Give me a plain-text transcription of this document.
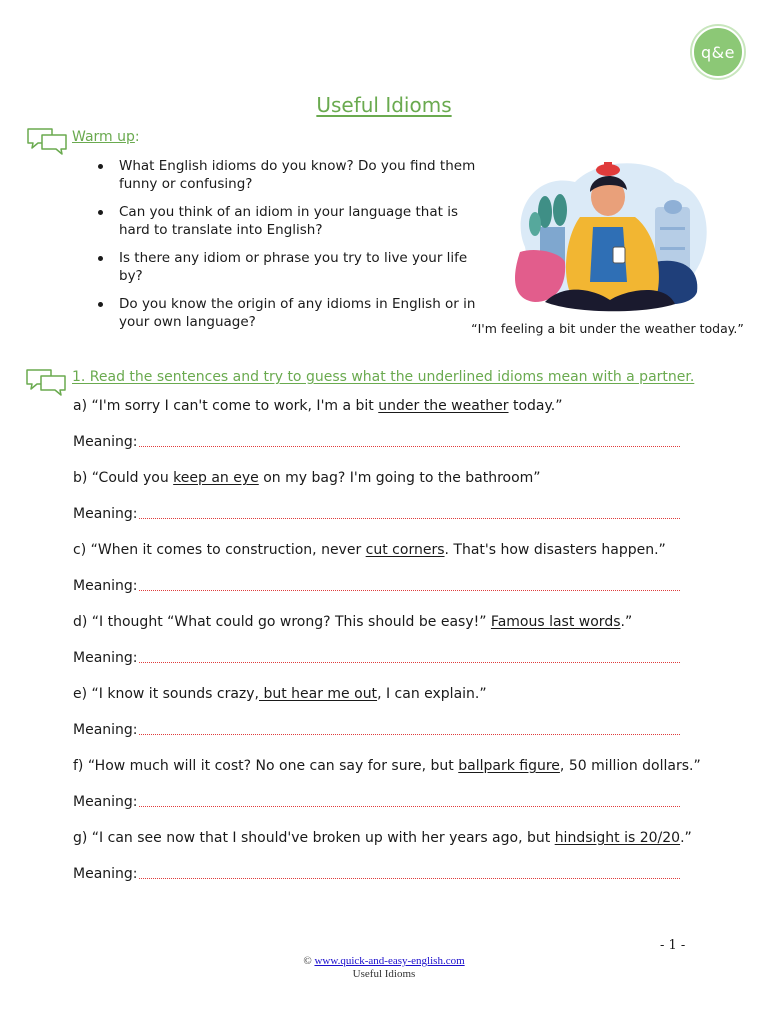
q&e
Useful Idioms
Warm up:
What English idioms do you know? Do you find them funny or confusing?
Can you think of an idiom in your language that is hard to translate into English?
Is there any idiom or phrase you try to live your life by?
Do you know the origin of any idioms in English or in your own language?	“I'm feeling a bit under the weather today.”
1. Read the sentences and try to guess what the underlined idioms mean with a partner.
a) “I'm sorry I can't come to work, I'm a bit under the weather today.”
Meaning:
b) “Could you keep an eye on my bag? I'm going to the bathroom”
Meaning:
c) “When it comes to construction, never cut corners. That's how disasters happen.”
Meaning:
d) “I thought “What could go wrong? This should be easy!” Famous last words.”
Meaning:
e) “I know it sounds crazy, but hear me out, I can explain.”
Meaning:
f) “How much will it cost? No one can say for sure, but ballpark figure, 50 million dollars.”
Meaning:
g) “I can see now that I should've broken up with her years ago, but hindsight is 20/20.”
Meaning:
- 1 -
© www.quick-and-easy-english.com
Useful Idioms
